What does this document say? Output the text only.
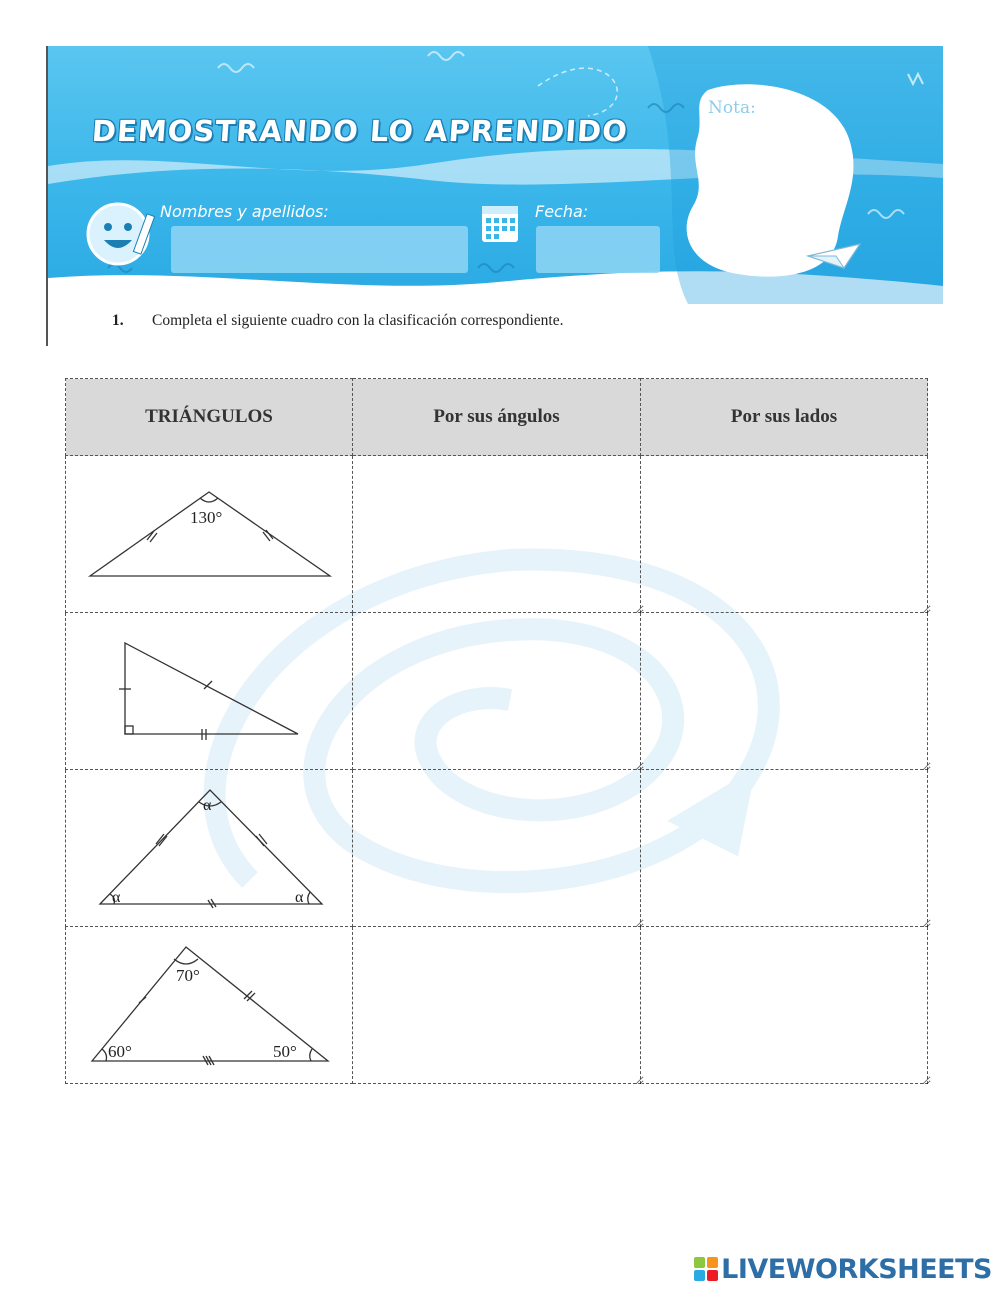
DEMOSTRANDO LO APRENDIDO
Nombres y apellidos:	Fecha:
Nota:
1. Completa el siguiente cuadro con la clasificación correspondiente.
TRIÁNGULOS	Por sus ángulos	Por sus lados

130°

α
α α

70°
60° 50°

LIVEWORKSHEETS
